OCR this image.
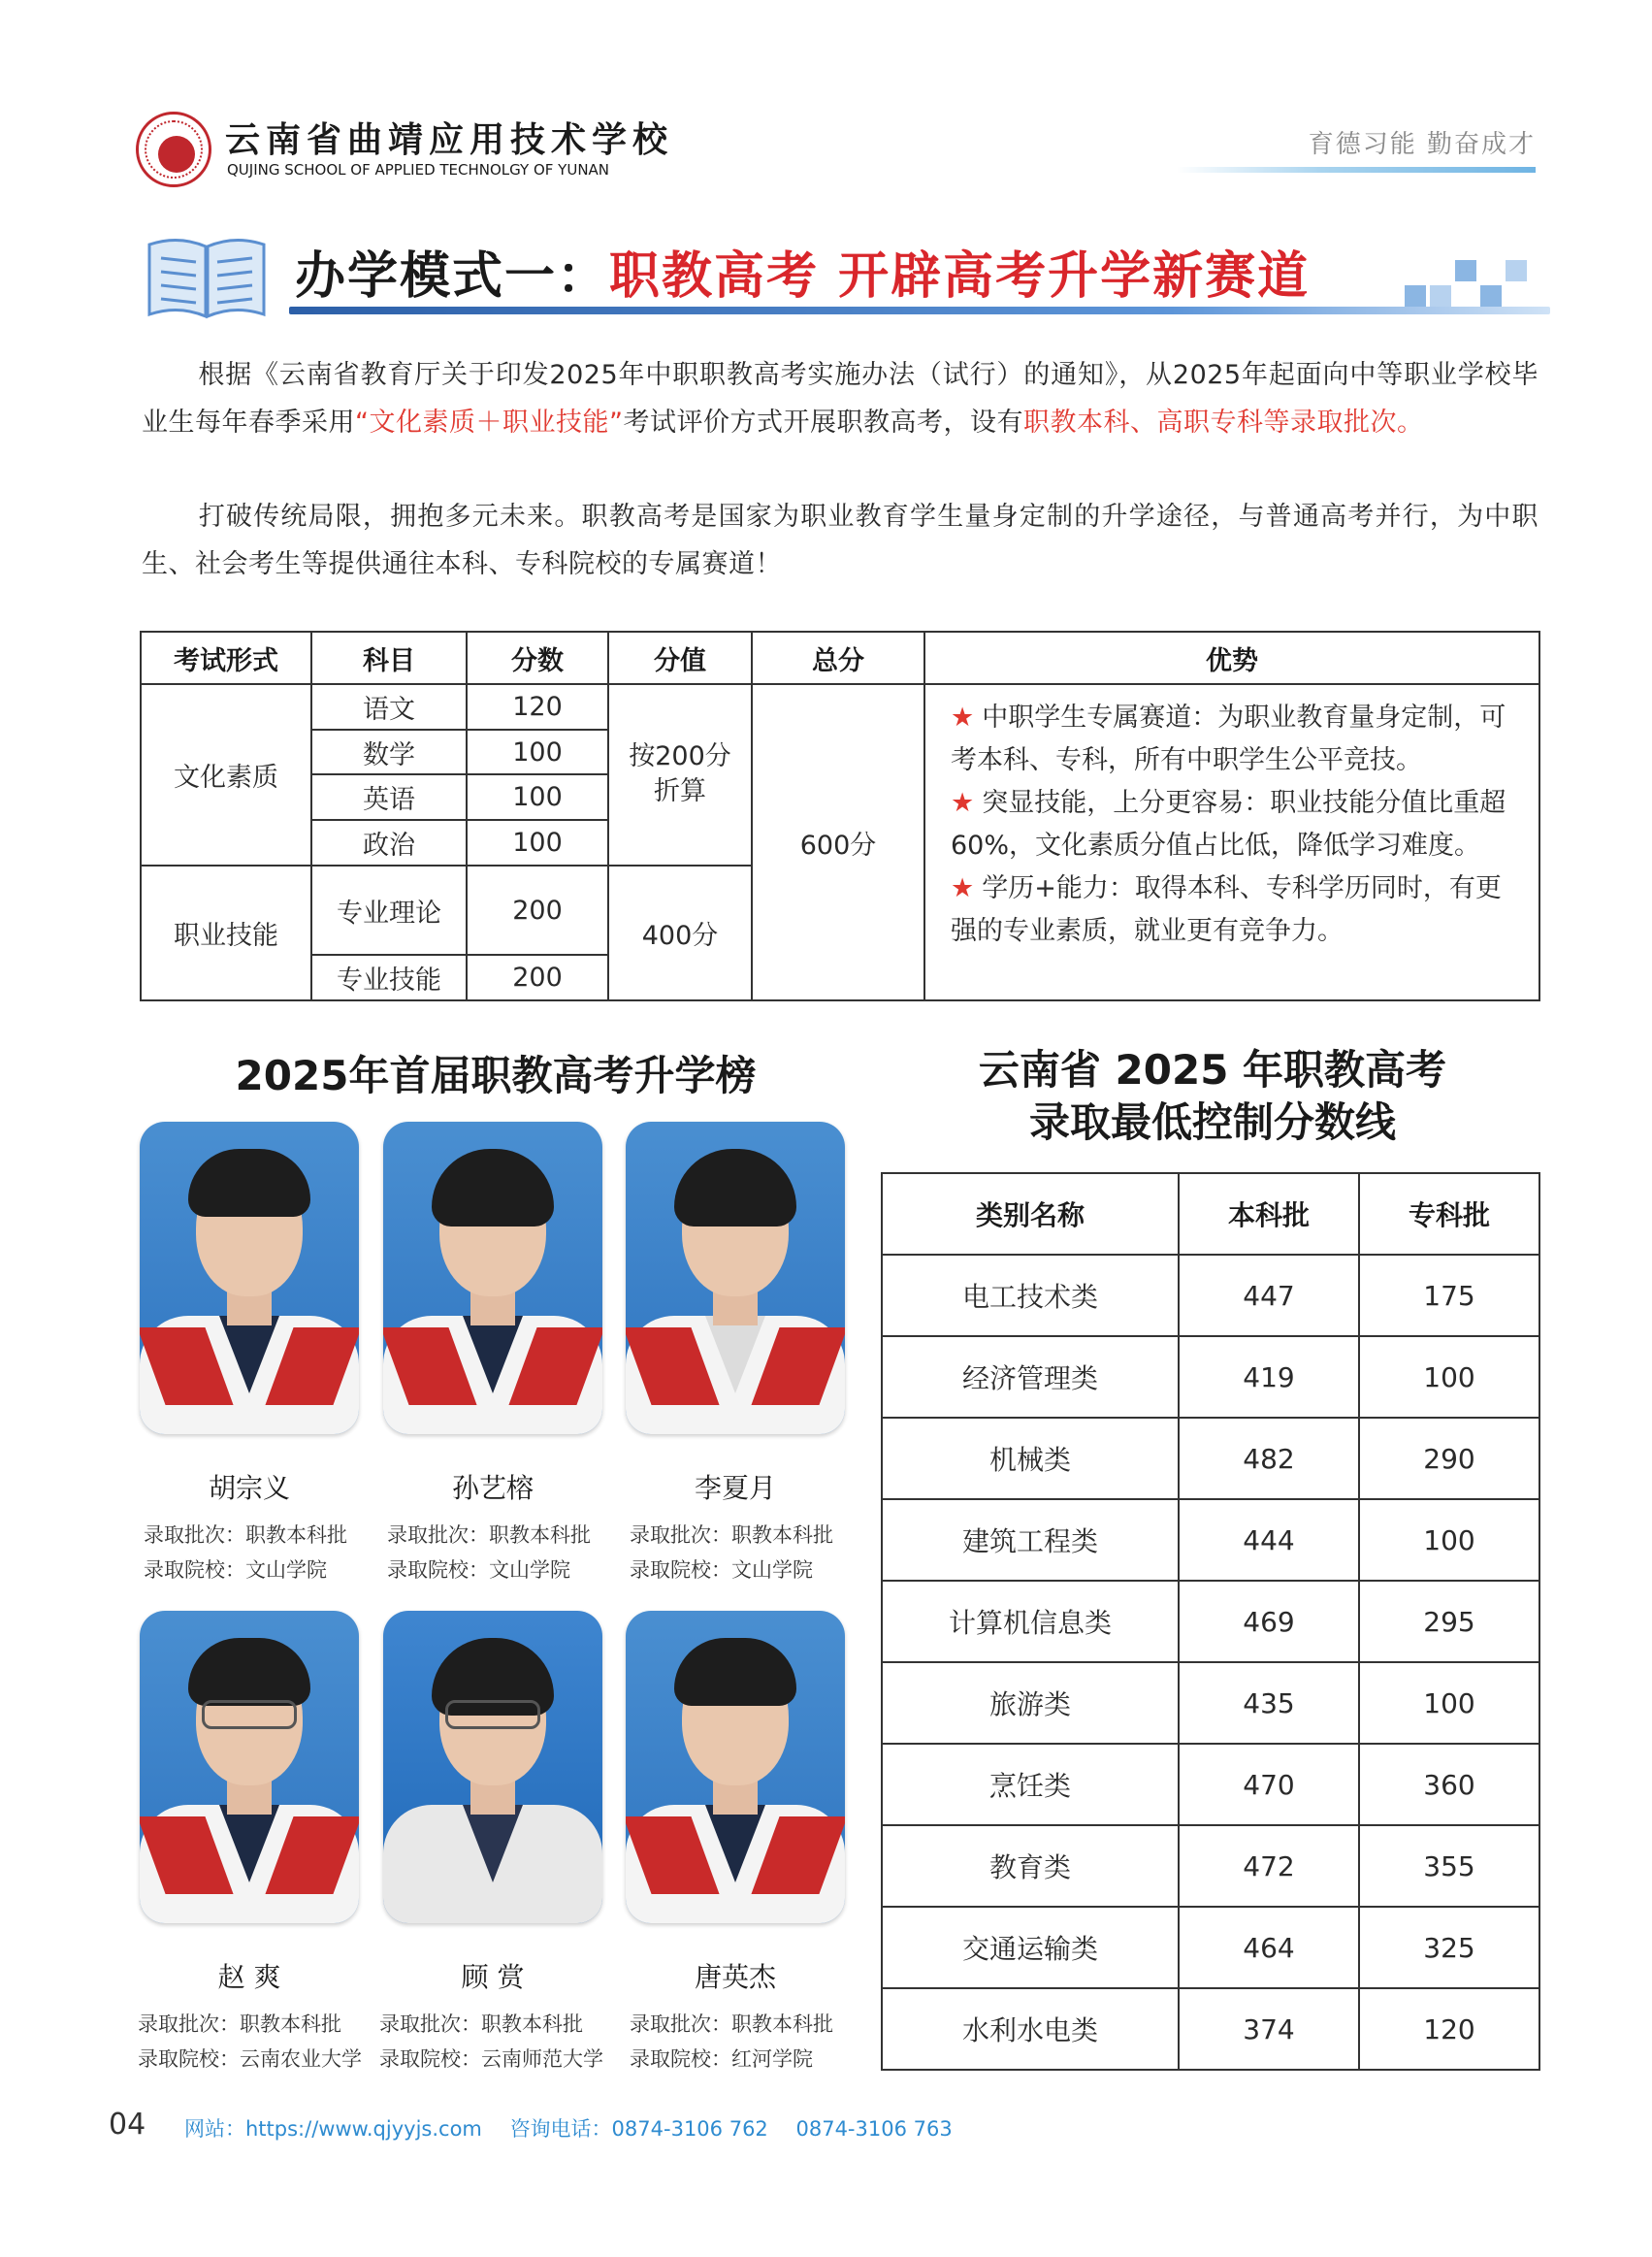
云南省曲靖应用技术学校
QUJING SCHOOL OF APPLIED TECHNOLGY OF YUNAN
育德习能 勤奋成才
办学模式一：职教高考 开辟高考升学新赛道
根据《云南省教育厅关于印发2025年中职职教高考实施办法（试行）的通知》，从2025年起面向中等职业学校毕业生每年春季采用“文化素质＋职业技能”考试评价方式开展职教高考，设有职教本科、高职专科等录取批次。
打破传统局限，拥抱多元未来。职教高考是国家为职业教育学生量身定制的升学途径，与普通高考并行，为中职生、社会考生等提供通往本科、专科院校的专属赛道！
考试形式	科目	分数	分值	总分	优势
文化素质	语文	120	按200分折算	600分	★ 中职学生专属赛道：为职业教育量身定制，可考本科、专科，所有中职学生公平竞技。
★ 突显技能，上分更容易：职业技能分值比重超 60%，文化素质分值占比低，降低学习难度。
★ 学历+能力：取得本科、专科学历同时，有更强的专业素质，就业更有竞争力。

	数学	100			
	英语	100			
	政治	100			
职业技能	专业理论	200	400分		
	专业技能	200			
2025年首届职教高考升学榜	云南省 2025 年职教高考
录取最低控制分数线
胡宗义
录取批次：职教本科批
录取院校：文山学院
孙艺榕
录取批次：职教本科批
录取院校：文山学院
李夏月
录取批次：职教本科批
录取院校：文山学院
赵 爽
录取批次：职教本科批
录取院校：云南农业大学
顾 赏
录取批次：职教本科批
录取院校：云南师范大学
唐英杰
录取批次：职教本科批
录取院校：红河学院
类别名称	本科批	专科批
电工技术类	447	175
经济管理类	419	100
机械类	482	290
建筑工程类	444	100
计算机信息类	469	295
旅游类	435	100
烹饪类	470	360
教育类	472	355
交通运输类	464	325
水利水电类	374	120
04 网站：https://www.qjyyjs.com 咨询电话：0874-3106 762 0874-3106 763
